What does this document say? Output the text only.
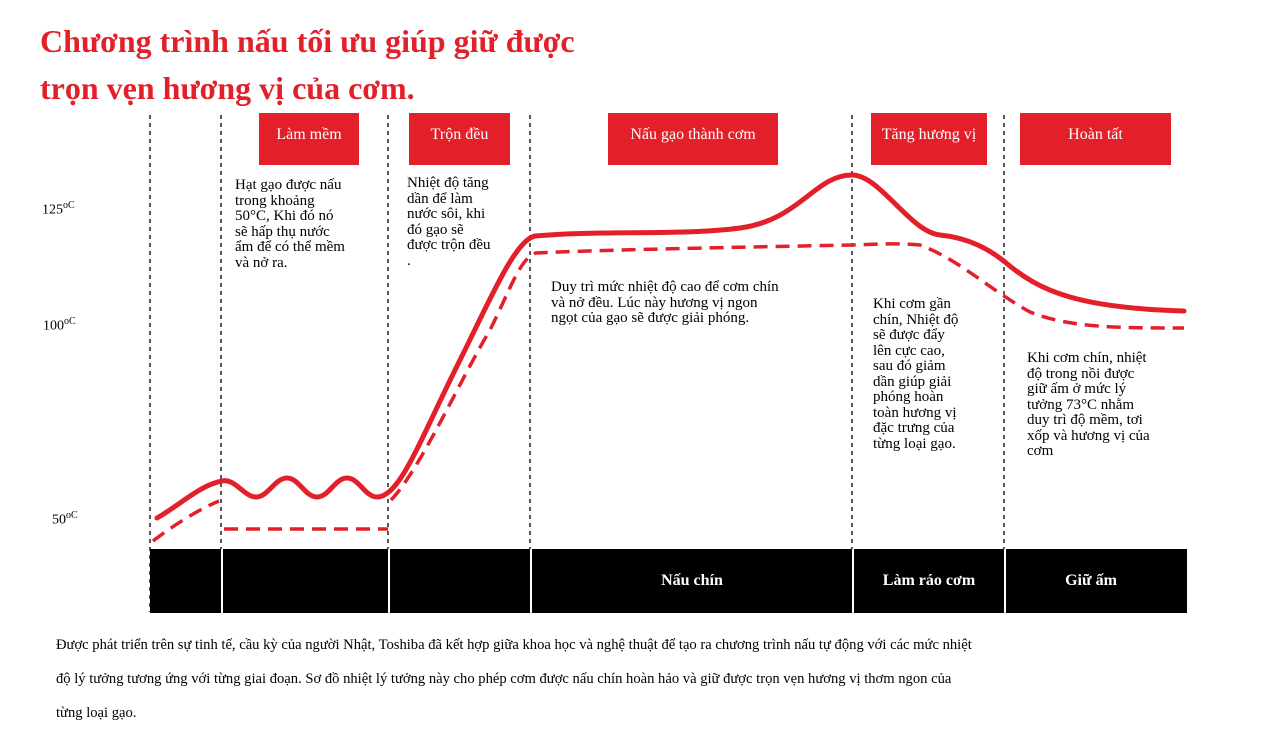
Chương trình nấu tối ưu giúp giữ được
trọn vẹn hương vị của cơm.
Làm mềm	Trộn đều	Nấu gạo thành cơm	Tăng hương vị	Hoàn tất
$125^{oC}$
$100^{oC}$
$50^{oC}$
Hạt gạo được nấu
trong khoảng
50°C, Khi đó nó
sẽ hấp thụ nước
ẩm để có thể mềm
và nở ra.
Nhiệt độ tăng
dần để làm
nước sôi, khi
đó gạo sẽ
được trộn đều
.
Duy trì mức nhiệt độ cao để cơm chín
và nở đều. Lúc này hương vị ngon
ngọt của gạo sẽ được giải phóng.
Khi cơm gần
chín, Nhiệt độ
sẽ được đẩy
lên cực cao,
sau đó giảm
dần giúp giải
phóng hoàn
toàn hương vị
đặc trưng của
từng loại gạo.
Khi cơm chín, nhiệt
độ trong nồi được
giữ ấm ở mức lý
tưởng 73°C nhằm
duy trì độ mềm, tơi
xốp và hương vị của
cơm
Nấu chín	Làm ráo cơm	Giữ ấm

Được phát triển trên sự tinh tế, cầu kỳ của người Nhật, Toshiba đã kết hợp giữa khoa học và nghệ thuật để tạo ra chương trình nấu tự động với các mức nhiệt
độ lý tưởng tương ứng với từng giai đoạn. Sơ đồ nhiệt lý tưởng này cho phép cơm được nấu chín hoàn hảo và giữ được trọn vẹn hương vị thơm ngon của
từng loại gạo.
